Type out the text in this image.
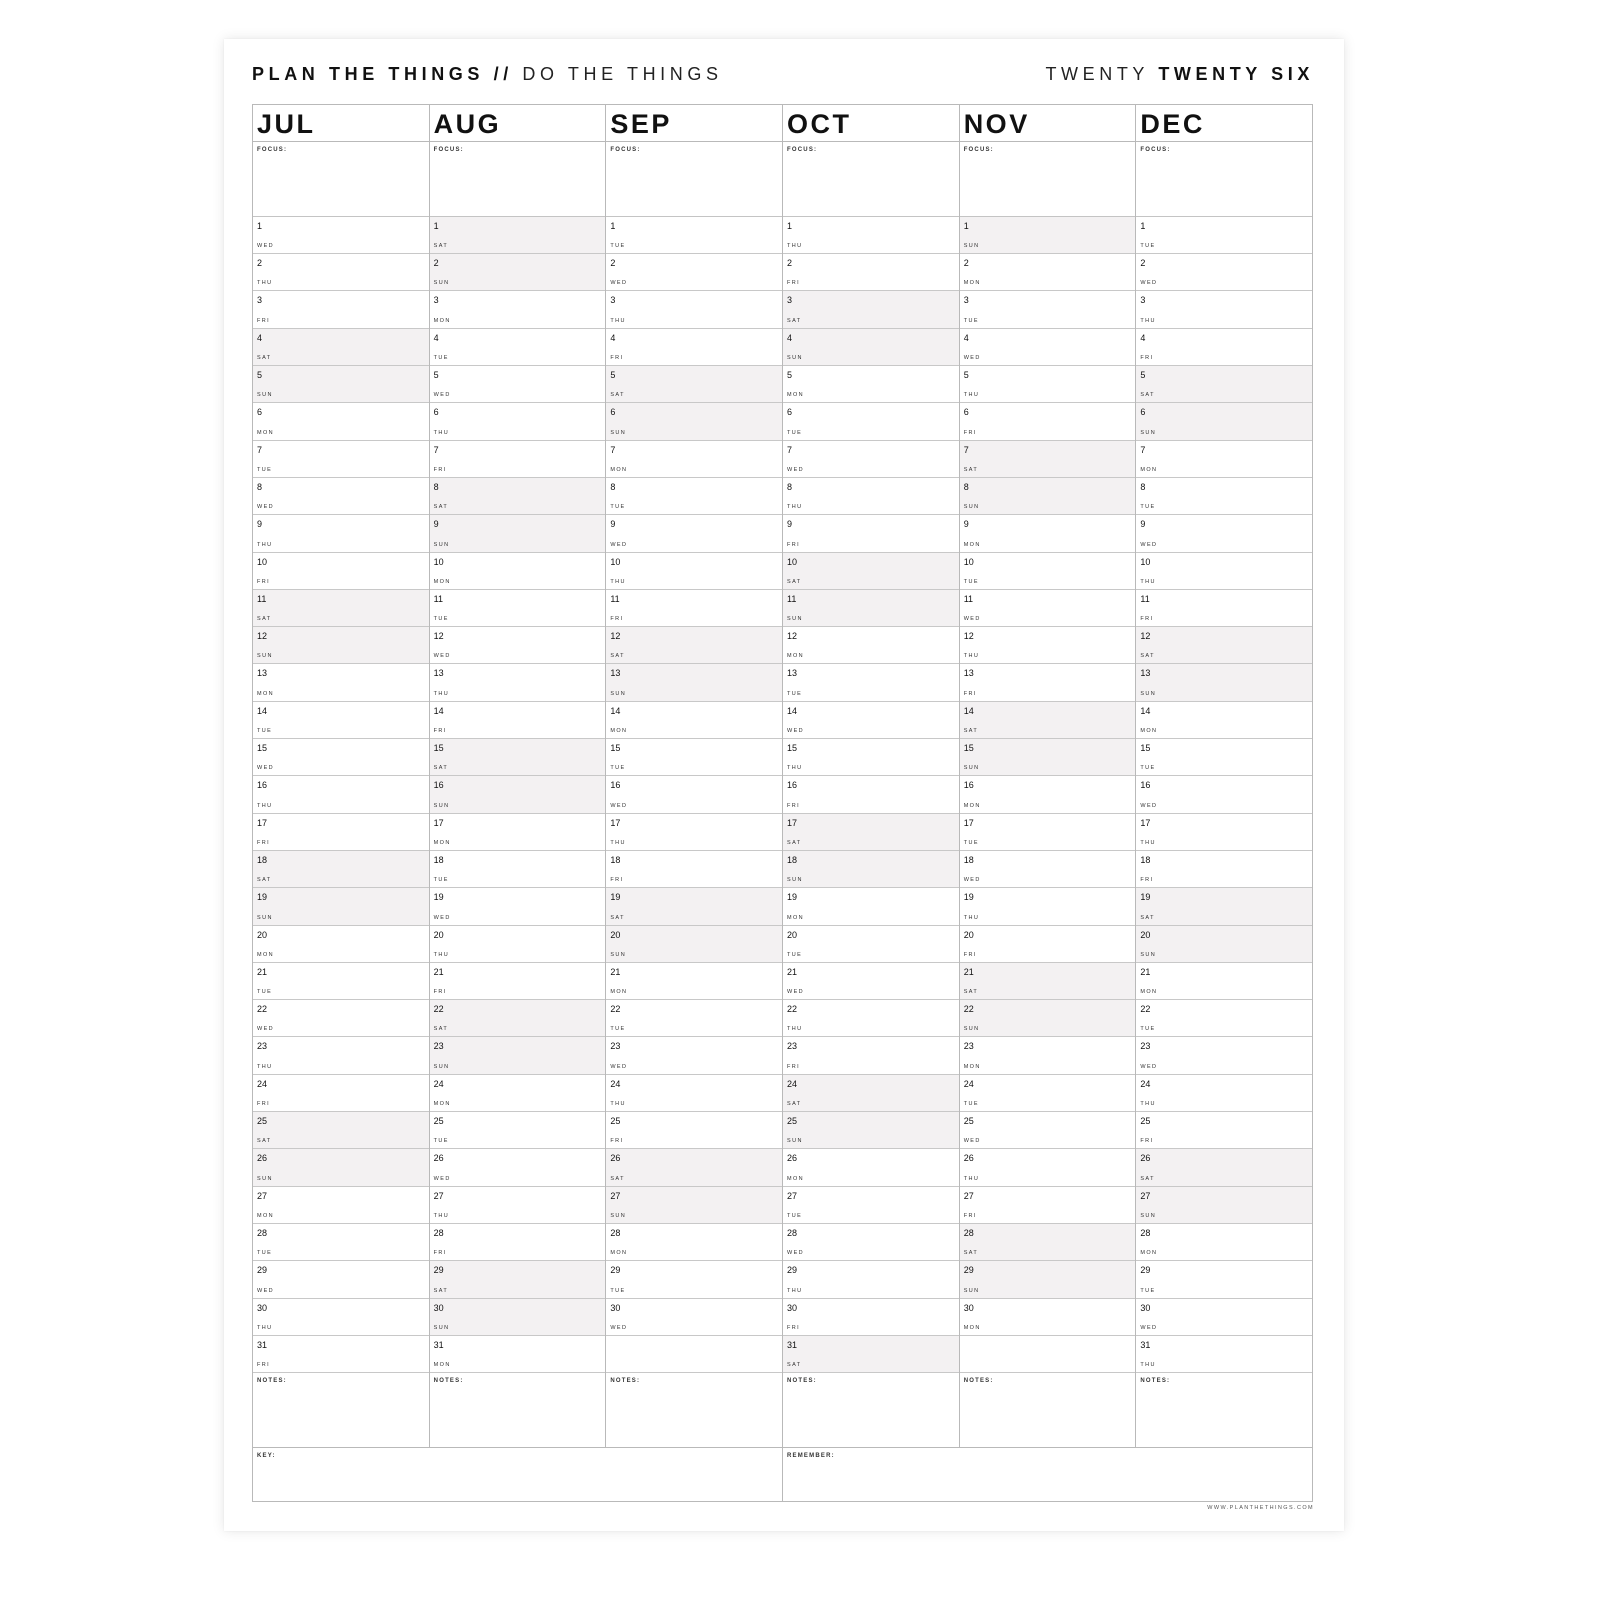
PLAN THE THINGS // DO THE THINGS	TWENTY TWENTY SIX
JUL
FOCUS:
1
WED
2
THU
3
FRI
4
SAT
5
SUN
6
MON
7
TUE
8
WED
9
THU
10
FRI
11
SAT
12
SUN
13
MON
14
TUE
15
WED
16
THU
17
FRI
18
SAT
19
SUN
20
MON
21
TUE
22
WED
23
THU
24
FRI
25
SAT
26
SUN
27
MON
28
TUE
29
WED
30
THU
31
FRI
NOTES:
AUG
FOCUS:
1
SAT
2
SUN
3
MON
4
TUE
5
WED
6
THU
7
FRI
8
SAT
9
SUN
10
MON
11
TUE
12
WED
13
THU
14
FRI
15
SAT
16
SUN
17
MON
18
TUE
19
WED
20
THU
21
FRI
22
SAT
23
SUN
24
MON
25
TUE
26
WED
27
THU
28
FRI
29
SAT
30
SUN
31
MON
NOTES:
SEP
FOCUS:
1
TUE
2
WED
3
THU
4
FRI
5
SAT
6
SUN
7
MON
8
TUE
9
WED
10
THU
11
FRI
12
SAT
13
SUN
14
MON
15
TUE
16
WED
17
THU
18
FRI
19
SAT
20
SUN
21
MON
22
TUE
23
WED
24
THU
25
FRI
26
SAT
27
SUN
28
MON
29
TUE
30
WED
NOTES:
OCT
FOCUS:
1
THU
2
FRI
3
SAT
4
SUN
5
MON
6
TUE
7
WED
8
THU
9
FRI
10
SAT
11
SUN
12
MON
13
TUE
14
WED
15
THU
16
FRI
17
SAT
18
SUN
19
MON
20
TUE
21
WED
22
THU
23
FRI
24
SAT
25
SUN
26
MON
27
TUE
28
WED
29
THU
30
FRI
31
SAT
NOTES:
NOV
FOCUS:
1
SUN
2
MON
3
TUE
4
WED
5
THU
6
FRI
7
SAT
8
SUN
9
MON
10
TUE
11
WED
12
THU
13
FRI
14
SAT
15
SUN
16
MON
17
TUE
18
WED
19
THU
20
FRI
21
SAT
22
SUN
23
MON
24
TUE
25
WED
26
THU
27
FRI
28
SAT
29
SUN
30
MON
NOTES:
DEC
FOCUS:
1
TUE
2
WED
3
THU
4
FRI
5
SAT
6
SUN
7
MON
8
TUE
9
WED
10
THU
11
FRI
12
SAT
13
SUN
14
MON
15
TUE
16
WED
17
THU
18
FRI
19
SAT
20
SUN
21
MON
22
TUE
23
WED
24
THU
25
FRI
26
SAT
27
SUN
28
MON
29
TUE
30
WED
31
THU
NOTES:
KEY:	REMEMBER:
WWW.PLANTHETHINGS.COM
